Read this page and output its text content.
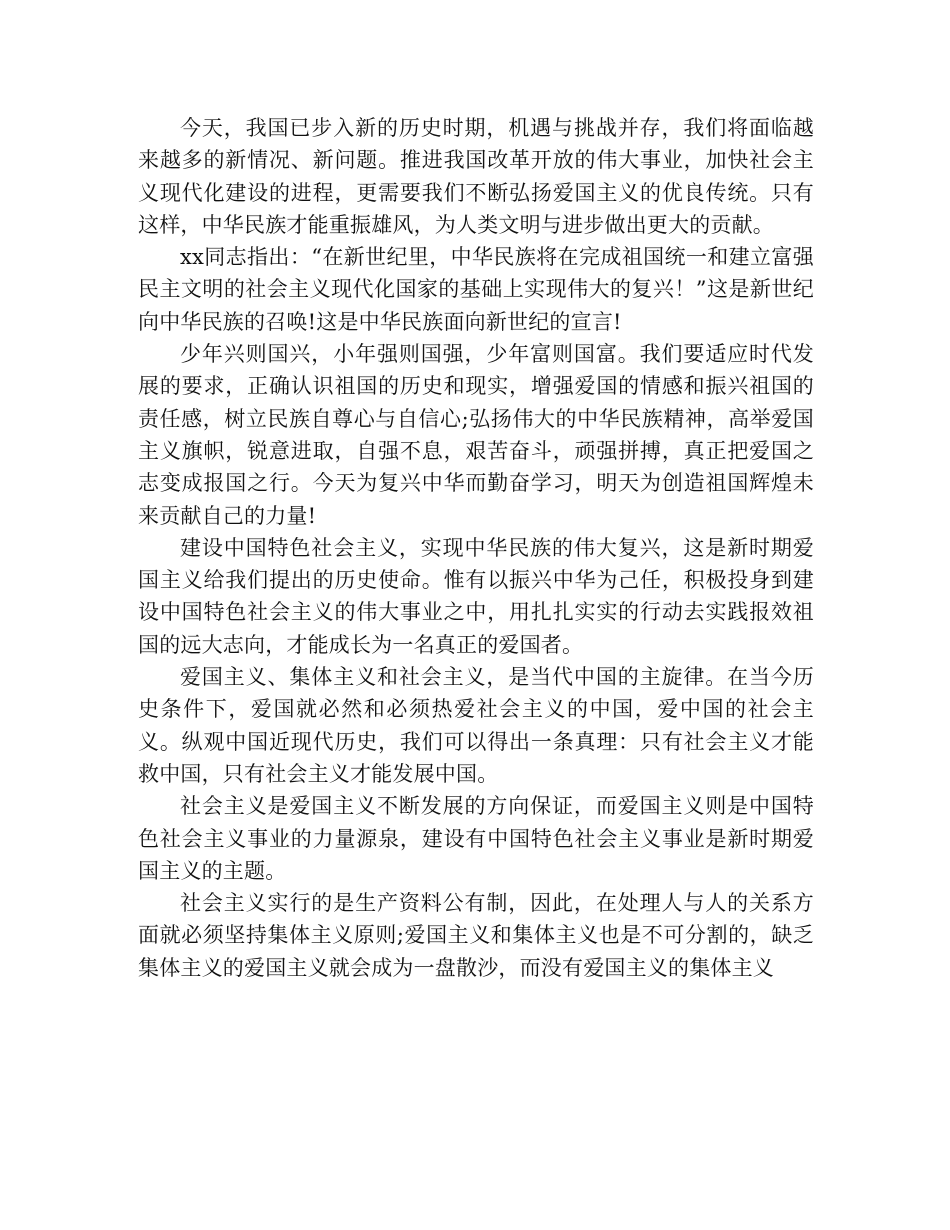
今天，我国已步入新的历史时期，机遇与挑战并存，我们将面临越来越多的新情况、新问题。推进我国改革开放的伟大事业，加快社会主义现代化建设的进程，更需要我们不断弘扬爱国主义的优良传统。只有这样，中华民族才能重振雄风，为人类文明与进步做出更大的贡献。

xx同志指出：“在新世纪里，中华民族将在完成祖国统一和建立富强民主文明的社会主义现代化国家的基础上实现伟大的复兴！”这是新世纪向中华民族的召唤!这是中华民族面向新世纪的宣言!

少年兴则国兴，小年强则国强，少年富则国富。我们要适应时代发展的要求，正确认识祖国的历史和现实，增强爱国的情感和振兴祖国的责任感，树立民族自尊心与自信心;弘扬伟大的中华民族精神，高举爱国主义旗帜，锐意进取，自强不息，艰苦奋斗，顽强拼搏，真正把爱国之志变成报国之行。今天为复兴中华而勤奋学习，明天为创造祖国辉煌未来贡献自己的力量!

建设中国特色社会主义，实现中华民族的伟大复兴，这是新时期爱国主义给我们提出的历史使命。惟有以振兴中华为己任，积极投身到建设中国特色社会主义的伟大事业之中，用扎扎实实的行动去实践报效祖国的远大志向，才能成长为一名真正的爱国者。

爱国主义、集体主义和社会主义，是当代中国的主旋律。在当今历史条件下，爱国就必然和必须热爱社会主义的中国，爱中国的社会主义。纵观中国近现代历史，我们可以得出一条真理：只有社会主义才能救中国，只有社会主义才能发展中国。

社会主义是爱国主义不断发展的方向保证，而爱国主义则是中国特色社会主义事业的力量源泉，建设有中国特色社会主义事业是新时期爱国主义的主题。

社会主义实行的是生产资料公有制，因此，在处理人与人的关系方面就必须坚持集体主义原则;爱国主义和集体主义也是不可分割的，缺乏集体主义的爱国主义就会成为一盘散沙，而没有爱国主义的集体主义
